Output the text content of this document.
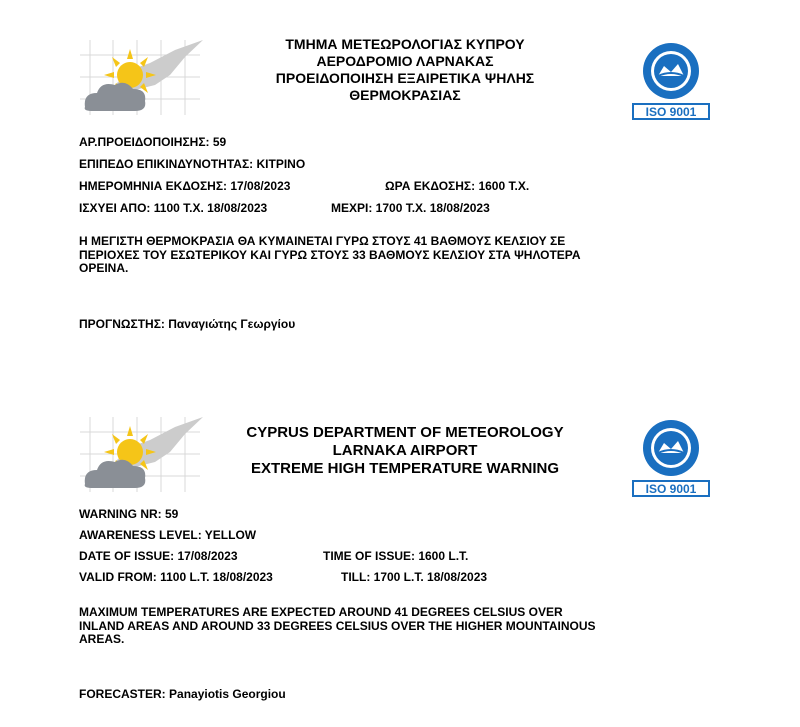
ΤΜΗΜΑ ΜΕΤΕΩΡΟΛΟΓΙΑΣ ΚΥΠΡΟΥ
ΑΕΡΟΔΡΟΜΙΟ ΛΑΡΝΑΚΑΣ
ΠΡΟΕΙΔΟΠΟΙΗΣΗ ΕΞΑΙΡΕΤΙΚΑ ΨΗΛΗΣ
ΘΕΡΜΟΚΡΑΣΙΑΣ
ISO 9001
ΑΡ.ΠΡΟΕΙΔΟΠΟΙΗΣΗΣ: 59
ΕΠΙΠΕΔΟ ΕΠΙΚΙΝΔΥΝΟΤΗΤΑΣ: ΚΙΤΡΙΝΟ
ΗΜΕΡΟΜΗΝΙΑ ΕΚΔΟΣΗΣ: 17/08/2023	ΩΡΑ ΕΚΔΟΣΗΣ: 1600 Τ.Χ.
ΙΣΧΥΕΙ ΑΠΟ: 1100 Τ.Χ. 18/08/2023	ΜΕΧΡΙ: 1700 Τ.Χ. 18/08/2023
Η ΜΕΓΙΣΤΗ ΘΕΡΜΟΚΡΑΣΙΑ ΘΑ ΚΥΜΑΙΝΕΤΑΙ ΓΥΡΩ ΣΤΟΥΣ 41 ΒΑΘΜΟΥΣ ΚΕΛΣΙΟΥ ΣΕ
ΠΕΡΙΟΧΕΣ ΤΟΥ ΕΣΩΤΕΡΙΚΟΥ ΚΑΙ ΓΥΡΩ ΣΤΟΥΣ 33 ΒΑΘΜΟΥΣ ΚΕΛΣΙΟΥ ΣΤΑ ΨΗΛΟΤΕΡΑ
ΟΡΕΙΝΑ.
ΠΡΟΓΝΩΣΤΗΣ: Παναγιώτης Γεωργίου
CYPRUS DEPARTMENT OF METEOROLOGY
LARNAKA AIRPORT
EXTREME HIGH TEMPERATURE WARNING
ISO 9001
WARNING NR: 59
AWARENESS LEVEL: YELLOW
DATE OF ISSUE: 17/08/2023	TIME OF ISSUE: 1600 L.T.
VALID FROM: 1100 L.T. 18/08/2023	TILL: 1700 L.T. 18/08/2023
MAXIMUM TEMPERATURES ARE EXPECTED AROUND 41 DEGREES CELSIUS OVER
INLAND AREAS AND AROUND 33 DEGREES CELSIUS OVER THE HIGHER MOUNTAINOUS
AREAS.
FORECASTER: Panayiotis Georgiou
